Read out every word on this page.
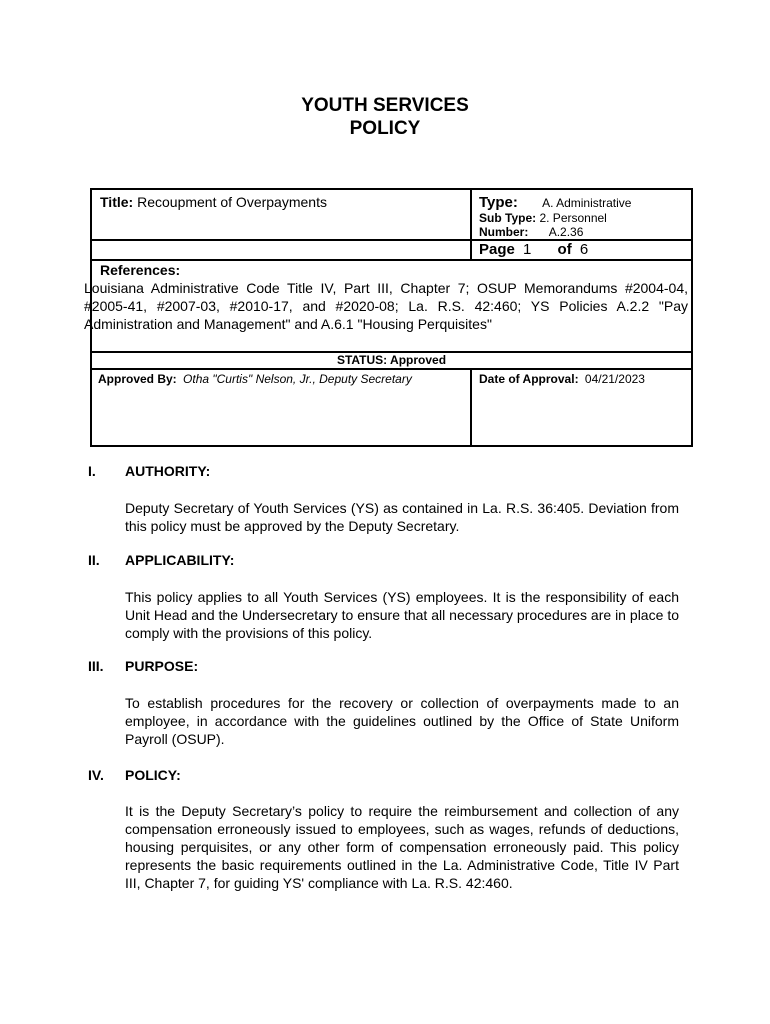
YOUTH SERVICES
POLICY
Title: Recoupment of Overpayments	Type: A. Administrative
Sub Type: 2. Personnel
Number: A.2.36
Page 1 of 6
References:
Louisiana Administrative Code Title IV, Part III, Chapter 7; OSUP Memorandums #2004-04, #2005-41, #2007-03, #2010-17, and #2020-08; La. R.S. 42:460; YS Policies A.2.2 "Pay Administration and Management" and A.6.1 "Housing Perquisites"
STATUS: Approved
Approved By: Otha "Curtis" Nelson, Jr., Deputy Secretary	Date of Approval: 04/21/2023
I. AUTHORITY:
Deputy Secretary of Youth Services (YS) as contained in La. R.S. 36:405. Deviation from this policy must be approved by the Deputy Secretary.
II. APPLICABILITY:
This policy applies to all Youth Services (YS) employees. It is the responsibility of each Unit Head and the Undersecretary to ensure that all necessary procedures are in place to comply with the provisions of this policy.
III. PURPOSE:
To establish procedures for the recovery or collection of overpayments made to an employee, in accordance with the guidelines outlined by the Office of State Uniform Payroll (OSUP).
IV. POLICY:
It is the Deputy Secretary’s policy to require the reimbursement and collection of any compensation erroneously issued to employees, such as wages, refunds of deductions, housing perquisites, or any other form of compensation erroneously paid. This policy represents the basic requirements outlined in the La. Administrative Code, Title IV Part III, Chapter 7, for guiding YS' compliance with La. R.S. 42:460.
